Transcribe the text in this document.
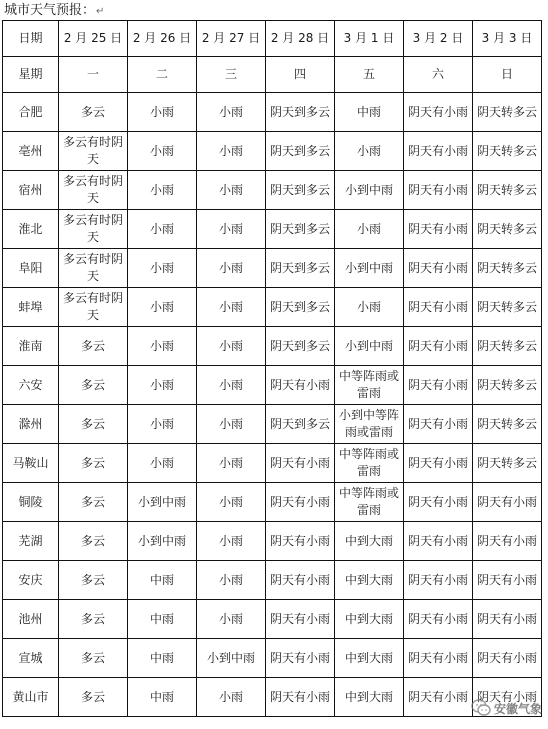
城市天气预报：↵
日期	2 月 25 日	2 月 26 日	2 月 27 日	2 月 28 日	3 月 1 日	3 月 2 日	3 月 3 日
星期	一	二	三	四	五	六	日
合肥	多云	小雨	小雨	阴天到多云	中雨	阴天有小雨	阴天转多云
亳州	多云有时阴天	小雨	小雨	阴天到多云	小雨	阴天有小雨	阴天转多云
宿州	多云有时阴天	小雨	小雨	阴天到多云	小到中雨	阴天有小雨	阴天转多云
淮北	多云有时阴天	小雨	小雨	阴天到多云	小雨	阴天有小雨	阴天转多云
阜阳	多云有时阴天	小雨	小雨	阴天到多云	小到中雨	阴天有小雨	阴天转多云
蚌埠	多云有时阴天	小雨	小雨	阴天到多云	小雨	阴天有小雨	阴天转多云
淮南	多云	小雨	小雨	阴天到多云	小到中雨	阴天有小雨	阴天转多云
六安	多云	小雨	小雨	阴天有小雨	中等阵雨或雷雨	阴天有小雨	阴天转多云
滁州	多云	小雨	小雨	阴天到多云	小到中等阵雨或雷雨	阴天有小雨	阴天转多云
马鞍山	多云	小雨	小雨	阴天有小雨	中等阵雨或雷雨	阴天有小雨	阴天转多云
铜陵	多云	小到中雨	小雨	阴天有小雨	中等阵雨或雷雨	阴天有小雨	阴天有小雨
芜湖	多云	小到中雨	小雨	阴天有小雨	中到大雨	阴天有小雨	阴天有小雨
安庆	多云	中雨	小雨	阴天有小雨	中到大雨	阴天有小雨	阴天有小雨
池州	多云	中雨	小雨	阴天有小雨	中到大雨	阴天有小雨	阴天有小雨
宣城	多云	中雨	小到中雨	阴天有小雨	中到大雨	阴天有小雨	阴天有小雨
黄山市	多云	中雨	小雨	阴天有小雨	中到大雨	阴天有小雨	阴天有小雨
安徽气象
